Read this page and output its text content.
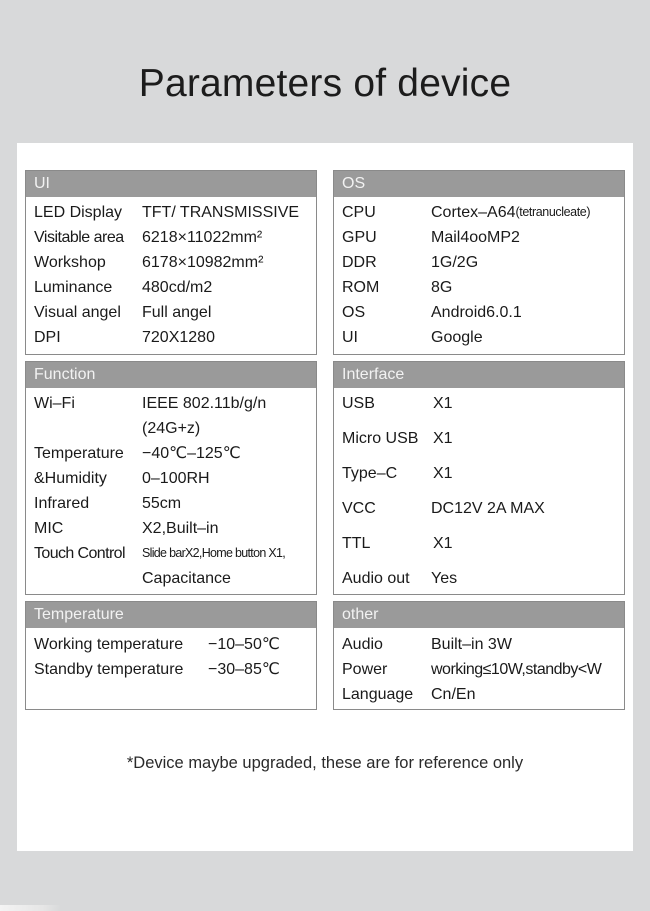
Parameters of device
UI
LED Display	TFT/ TRANSMISSIVE
Visitable area	6218×11022mm²
Workshop	6178×10982mm²
Luminance	480cd/m2
Visual angel	Full angel
DPI	720X1280
OS
CPU	Cortex–A64 (tetranucleate)
GPU	Mail4ooMP2
DDR	1G/2G
ROM	8G
OS	Android6.0.1
UI	Google
Function
Wi–Fi	IEEE 802.11b/g/n
(24G+z)
Temperature	−40℃–125℃
&Humidity	0–100RH
Infrared	55cm
MIC	X2,Built–in
Touch Control	Slide barX2,Home button X1,
Capacitance
Interface
USB	X1
Micro USB X1
Type–C	X1
VCC	DC12V 2A MAX
TTL	X1
Audio out	Yes
Temperature
Working temperature	−10–50℃
Standby temperature	−30–85℃
other
Audio	Built–in 3W
Power	working≤10W,standby<W
Language	Cn/En
*Device maybe upgraded, these are for reference only
